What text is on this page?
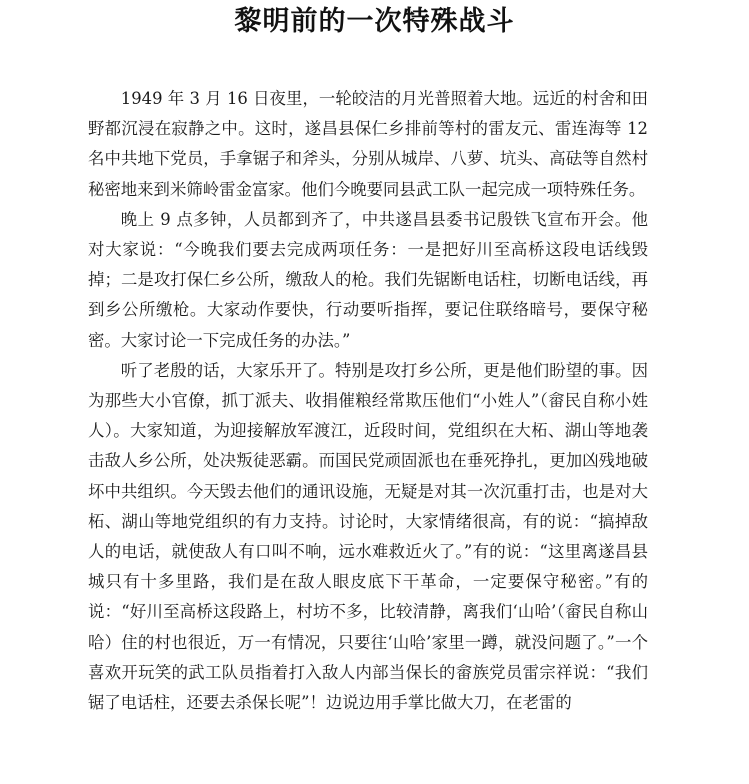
黎明前的一次特殊战斗

1949 年 3 月 16 日夜里，一轮皎洁的月光普照着大地。远近的村舍和田野都沉浸在寂静之中。这时，遂昌县保仁乡排前等村的雷友元、雷连海等 12 名中共地下党员，手拿锯子和斧头，分别从城岸、八萝、坑头、高砝等自然村秘密地来到米筛岭雷金富家。他们今晚要同县武工队一起完成一项特殊任务。

晚上 9 点多钟，人员都到齐了，中共遂昌县委书记殷铁飞宣布开会。他对大家说：“今晚我们要去完成两项任务：一是把好川至高桥这段电话线毁掉；二是攻打保仁乡公所，缴敌人的枪。我们先锯断电话柱，切断电话线，再到乡公所缴枪。大家动作要快，行动要听指挥，要记住联络暗号，要保守秘密。大家讨论一下完成任务的办法。”

听了老殷的话，大家乐开了。特别是攻打乡公所，更是他们盼望的事。因为那些大小官僚，抓丁派夫、收捐催粮经常欺压他们“小姓人”（畲民自称小姓人）。大家知道，为迎接解放军渡江，近段时间，党组织在大柘、湖山等地袭击敌人乡公所，处决叛徒恶霸。而国民党顽固派也在垂死挣扎，更加凶残地破坏中共组织。今天毁去他们的通讯设施，无疑是对其一次沉重打击，也是对大柘、湖山等地党组织的有力支持。讨论时，大家情绪很高，有的说：“搞掉敌人的电话，就使敌人有口叫不响，远水难救近火了。”有的说：“这里离遂昌县城只有十多里路，我们是在敌人眼皮底下干革命，一定要保守秘密。”有的说：“好川至高桥这段路上，村坊不多，比较清静，离我们‘山哈’（畲民自称山哈）住的村也很近，万一有情况，只要往‘山哈’家里一蹲，就没问题了。”一个喜欢开玩笑的武工队员指着打入敌人内部当保长的畲族党员雷宗祥说：“我们锯了电话柱，还要去杀保长呢”！边说边用手掌比做大刀，在老雷的
